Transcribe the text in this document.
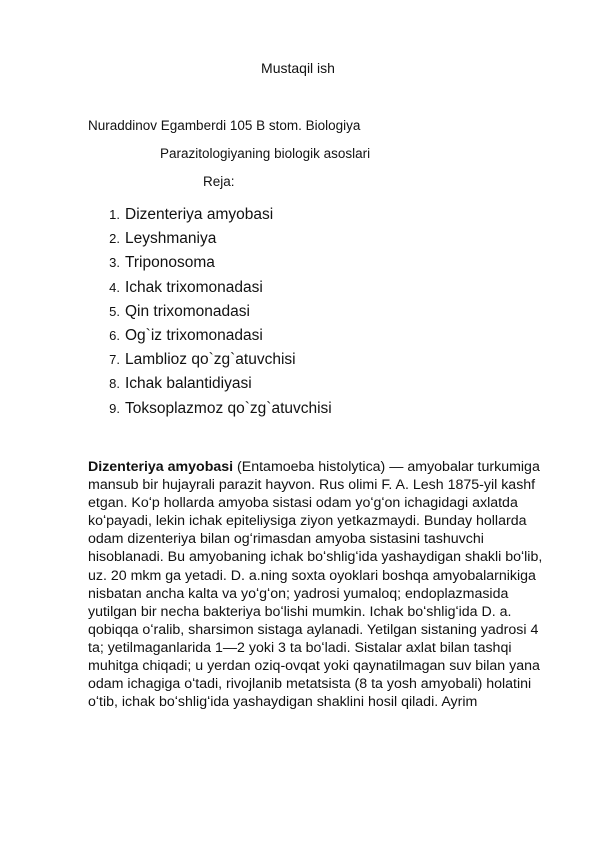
Mustaqil ish
Nuraddinov Egamberdi 105 B stom. Biologiya
Parazitologiyaning biologik asoslari
Reja:
1. Dizenteriya amyobasi
2. Leyshmaniya
3. Triponosoma
4. Ichak trixomonadasi
5. Qin trixomonadasi
6. Og`iz trixomonadasi
7. Lamblioz qo`zg`atuvchisi
8. Ichak balantidiyasi
9. Toksoplazmoz qo`zg`atuvchisi

Dizenteriya amyobasi (Entamoeba histolytica) — amyobalar turkumiga mansub bir hujayrali parazit hayvon. Rus olimi F. A. Lesh 1875-yil kashf etgan. Koʻp hollarda amyoba sistasi odam yoʻgʻon ichagidagi axlatda koʻpayadi, lekin ichak epiteliysiga ziyon yetkazmaydi. Bunday hollarda odam dizenteriya bilan ogʻrimasdan amyoba sistasini tashuvchi hisoblanadi. Bu amyobaning ichak boʻshligʻida yashaydigan shakli boʻlib, uz. 20 mkm ga yetadi. D. a.ning soxta oyoklari boshqa amyobalarnikiga nisbatan ancha kalta va yoʻgʻon; yadrosi yumaloq; endoplazmasida yutilgan bir necha bakteriya boʻlishi mumkin. Ichak boʻshligʻida D. a. qobiqqa oʻralib, sharsimon sistaga aylanadi. Yetilgan sistaning yadrosi 4 ta; yetilmaganlarida 1—2 yoki 3 ta boʻladi. Sistalar axlat bilan tashqi muhitga chiqadi; u yerdan oziq-ovqat yoki qaynatilmagan suv bilan yana odam ichagiga oʻtadi, rivojlanib metatsista (8 ta yosh amyobali) holatini oʻtib, ichak boʻshligʻida yashaydigan shaklini hosil qiladi. Ayrim
